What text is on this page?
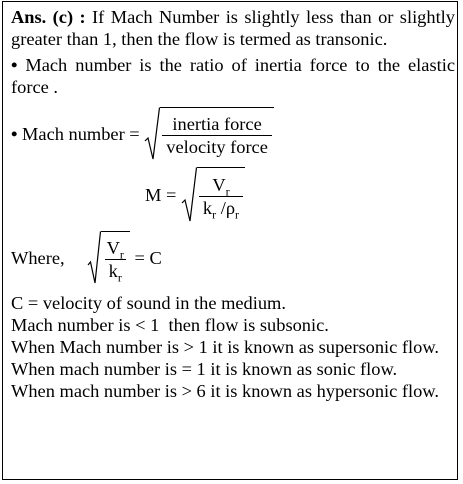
Ans. (c) : If Mach Number is slightly less than or slightly greater than 1, then the flow is termed as transonic.
• Mach number is the ratio of inertia force to the elastic force .
• Mach number = $\frac{\text{inertia force}}{\text{velocity force}}$
$M = \frac{V_r}{k_r /\rho_r}$
Where, $\frac{V_r}{k_r} = C$
C = velocity of sound in the medium.
Mach number is < 1  then flow is subsonic.
When Mach number is > 1 it is known as supersonic flow.
When mach number is = 1 it is known as sonic flow.
When mach number is > 6 it is known as hypersonic flow.
